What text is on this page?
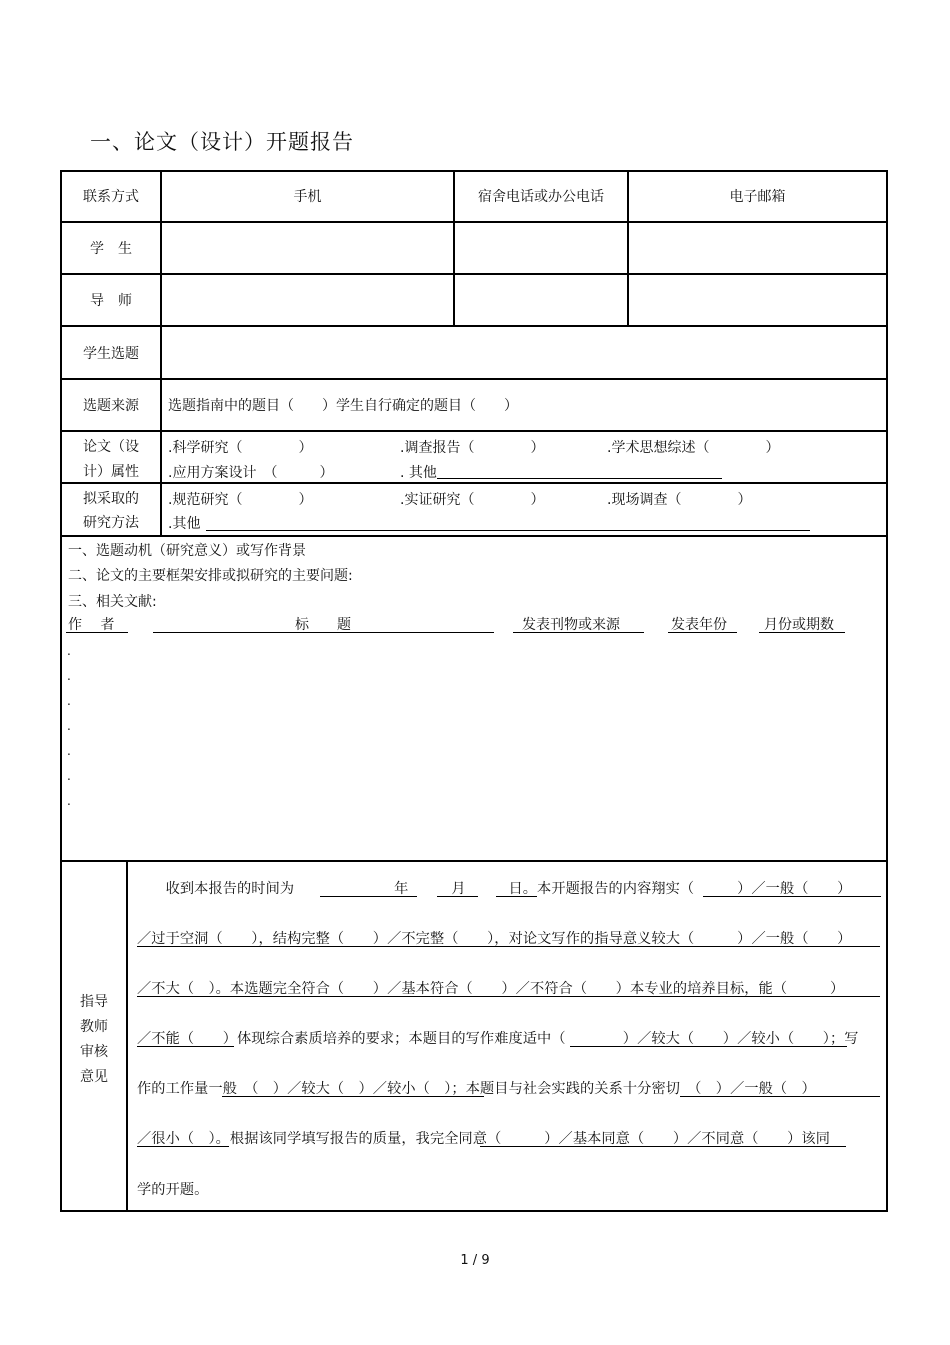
一、论文（设计）开题报告
联系方式	手机	宿舍电话或办公电话	电子邮箱
学　生
导　师
学生选题
选题来源	选题指南中的题目（　　）学生自行确定的题目（　　）
论文（设
计）属性
.科学研究（　　　　）	.调查报告（　　　　）	.学术思想综述（　　　　）
.应用方案设计　（　　　）	. 其他
拟采取的
研究方法
.规范研究（　　　　）	.实证研究（　　　　）	.现场调查（　　　　）
.其他
一、选题动机（研究意义）或写作背景
二、论文的主要框架安排或拟研究的主要问题:
三、相关文献:
作　 者	标　　题	发表刊物或来源	发表年份	月份或期数
.
.
.
.
.
.
.
指导
教师
审核
意见
　　收到本报告的时间为　　　　　　　年　　　月　　　日。本开题报告的内容翔实（　　　）／一般（　　）
／过于空洞（　　），结构完整（　　）／不完整（　　），对论文写作的指导意义较大（　　　）／一般（　　）
／不大（　）。本选题完全符合（　　）／基本符合（　　）／不符合（　　）本专业的培养目标，能（　　　）
／不能（　　）体现综合素质培养的要求；本题目的写作难度适中（　　　　）／较大（　　）／较小（　　）；写
作的工作量一般　（　）／较大（　）／较小（　）；本题目与社会实践的关系十分密切　（　）／一般（　）
／很小（　）。根据该同学填写报告的质量，我完全同意（　　　）／基本同意（　　）／不同意（　　）该同
学的开题。
1 / 9
